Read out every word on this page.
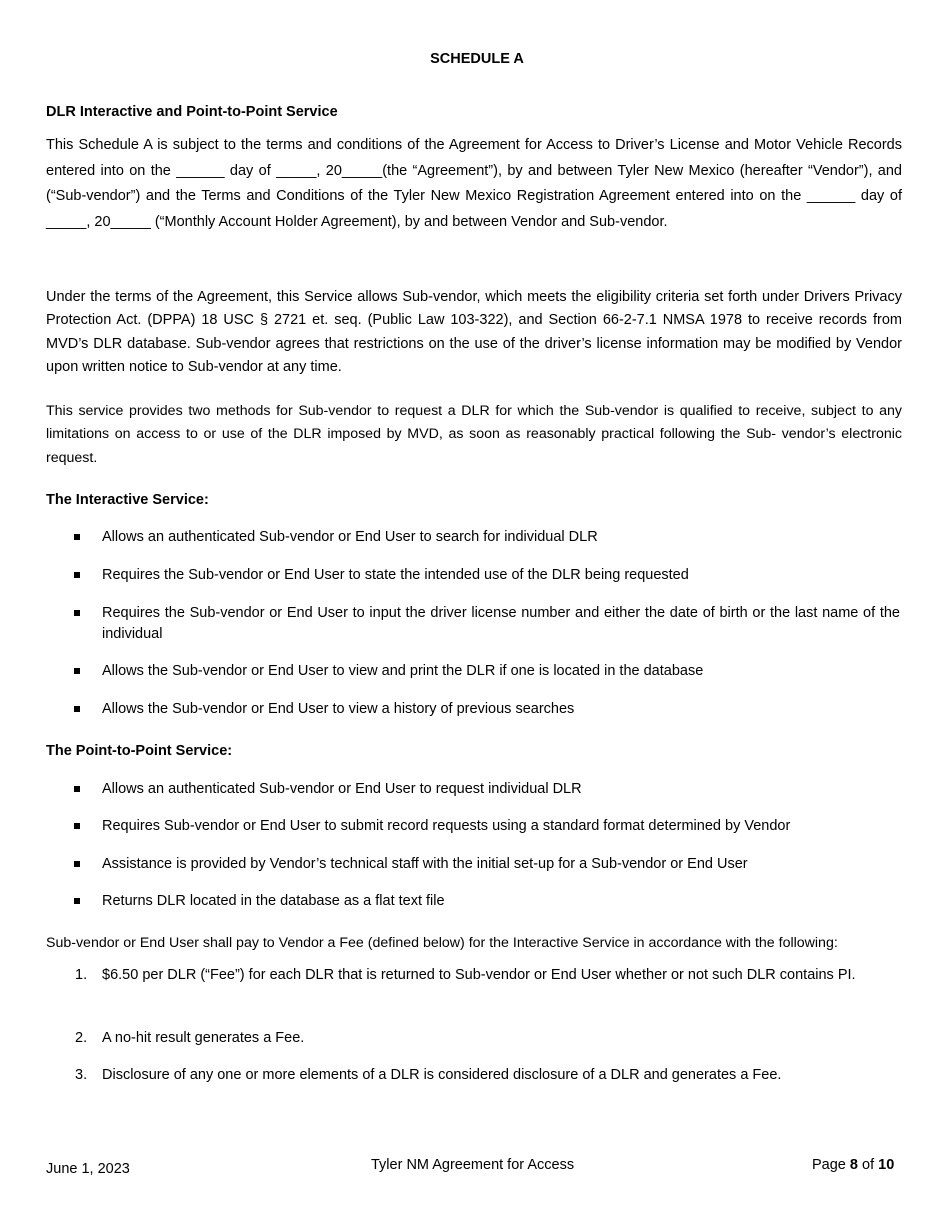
SCHEDULE A
DLR Interactive and Point-to-Point Service
This Schedule A is subject to the terms and conditions of the Agreement for Access to Driver’s License and Motor Vehicle Records entered into on the ______ day of _____, 20_____(the “Agreement”), by and between Tyler New Mexico (hereafter “Vendor”), and (“Sub-vendor”) and the Terms and Conditions of the Tyler New Mexico Registration Agreement entered into on the ______ day of _____, 20_____ (“Monthly Account Holder Agreement), by and between Vendor and Sub-vendor.
Under the terms of the Agreement, this Service allows Sub-vendor, which meets the eligibility criteria set forth under Drivers Privacy Protection Act. (DPPA) 18 USC § 2721 et. seq. (Public Law 103-322), and Section 66-2-7.1 NMSA 1978 to receive records from MVD’s DLR database. Sub-vendor agrees that restrictions on the use of the driver’s license information may be modified by Vendor upon written notice to Sub-vendor at any time.
This service provides two methods for Sub-vendor to request a DLR for which the Sub-vendor is qualified to receive, subject to any limitations on access to or use of the DLR imposed by MVD, as soon as reasonably practical following the Sub- vendor’s electronic request.
The Interactive Service:
Allows an authenticated Sub-vendor or End User to search for individual DLR
Requires the Sub-vendor or End User to state the intended use of the DLR being requested
Requires the Sub-vendor or End User to input the driver license number and either the date of birth or the last name of the individual
Allows the Sub-vendor or End User to view and print the DLR if one is located in the database
Allows the Sub-vendor or End User to view a history of previous searches
The Point-to-Point Service:
Allows an authenticated Sub-vendor or End User to request individual DLR
Requires Sub-vendor or End User to submit record requests using a standard format determined by Vendor
Assistance is provided by Vendor’s technical staff with the initial set-up for a Sub-vendor or End User
Returns DLR located in the database as a flat text file
Sub-vendor or End User shall pay to Vendor a Fee (defined below) for the Interactive Service in accordance with the following:
1. $6.50 per DLR (“Fee”) for each DLR that is returned to Sub-vendor or End User whether or not such DLR contains PI.
2. A no-hit result generates a Fee.
3. Disclosure of any one or more elements of a DLR is considered disclosure of a DLR and generates a Fee.
June 1, 2023	Tyler NM Agreement for Access	Page 8 of 10
